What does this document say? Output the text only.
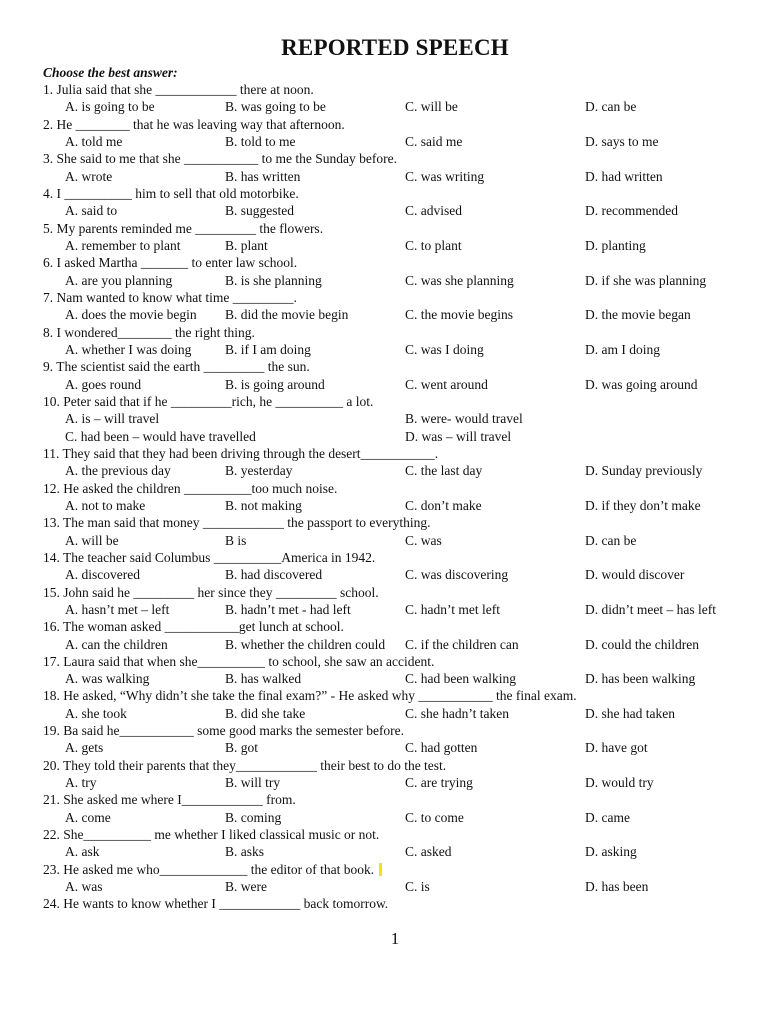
REPORTED SPEECH
Choose the best answer:
1. Julia said that she ____________ there at noon.
A. is going to be	B. was going to be	C. will be	D. can be
2. He ________ that he was leaving way that afternoon.
A. told me	B. told to me	C. said me	D. says to me
3. She said to me that she ___________ to me the Sunday before.
A. wrote	B. has written	C. was writing	D. had written
4. I __________ him to sell that old motorbike.
A. said to	B. suggested	C. advised	D. recommended
5. My parents reminded me _________ the flowers.
A. remember to plant	B. plant	C. to plant	D. planting
6. I asked Martha _______ to enter law school.
A. are you planning	B. is she planning	C. was she planning	D. if she was planning
7. Nam wanted to know what time _________.
A. does the movie begin B. did the movie begin	C. the movie begins	D. the movie began
8. I wondered________ the right thing.
A. whether I was doing B. if I am doing	C. was I doing	D. am I doing
9. The scientist said the earth _________ the sun.
A. goes round	B. is going around	C. went around	D. was going around
10. Peter said that if he _________rich, he __________ a lot.
A. is – will travel	B. were- would travel
C. had been – would have travelled	D. was – will travel
11. They said that they had been driving through the desert___________.
A. the previous day	B. yesterday	C. the last day	D. Sunday previously
12. He asked the children __________too much noise.
A. not to make	B. not making	C. don’t make	D. if they don’t make
13. The man said that money ____________ the passport to everything.
A. will be	B is	C. was	D. can be
14. The teacher said Columbus __________America in 1942.
A. discovered	B. had discovered	C. was discovering	D. would discover
15. John said he _________ her since they _________ school.
A. hasn’t met – left	B. hadn’t met - had left	C. hadn’t met left	D. didn’t meet – has left
16. The woman asked ___________get lunch at school.
A. can the children	B. whether the children could C. if the children can	D. could the children
17. Laura said that when she__________ to school, she saw an accident.
A. was walking	B. has walked	C. had been walking	D. has been walking
18. He asked, “Why didn’t she take the final exam?” - He asked why ___________ the final exam.
A. she took	B. did she take	C. she hadn’t taken	D. she had taken
19. Ba said he___________ some good marks the semester before.
A. gets	B. got	C. had gotten	D. have got
20. They told their parents that they____________ their best to do the test.
A. try	B. will try	C. are trying	D. would try
21. She asked me where I____________ from.
A. come	B. coming	C. to come	D. came
22. She__________ me whether I liked classical music or not.
A. ask	B. asks	C. asked	D. asking
23. He asked me who_____________ the editor of that book.
A. was	B. were	C. is	D. has been
24. He wants to know whether I ____________ back tomorrow.
1
